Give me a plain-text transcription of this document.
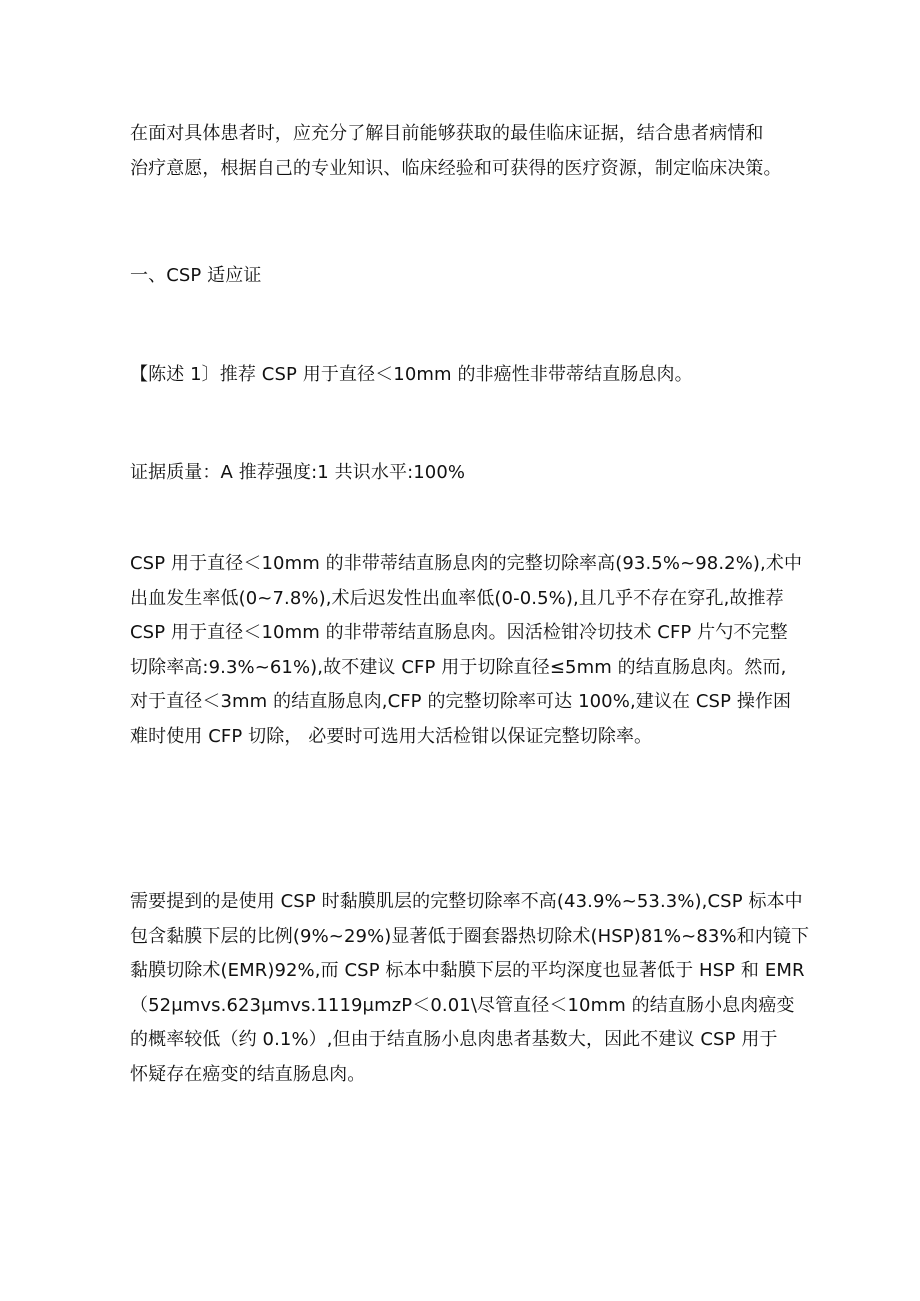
在面对具体患者时，应充分了解目前能够获取的最佳临床证据，结合患者病情和
治疗意愿，根据自己的专业知识、临床经验和可获得的医疗资源，制定临床决策。
一、CSP 适应证
【陈述 1〕推荐 CSP 用于直径＜10mm 的非癌性非带蒂结直肠息肉。
证据质量：A 推荐强度:1 共识水平:100%
CSP 用于直径＜10mm 的非带蒂结直肠息肉的完整切除率高(93.5%~98.2%),术中
出血发生率低(0~7.8%),术后迟发性出血率低(0-0.5%),且几乎不存在穿孔,故推荐
CSP 用于直径＜10mm 的非带蒂结直肠息肉。因活检钳冷切技术 CFP 片勺不完整
切除率高:9.3%~61%),故不建议 CFP 用于切除直径≤5mm 的结直肠息肉。然而,
对于直径＜3mm 的结直肠息肉,CFP 的完整切除率可达 100%,建议在 CSP 操作困
难时使用 CFP 切除， 必要时可选用大活检钳以保证完整切除率。
需要提到的是使用 CSP 时黏膜肌层的完整切除率不高(43.9%~53.3%),CSP 标本中
包含黏膜下层的比例(9%~29%)显著低于圈套器热切除术(HSP)81%~83%和内镜下
黏膜切除术(EMR)92%,而 CSP 标本中黏膜下层的平均深度也显著低于 HSP 和 EMR
（52μmvs.623μmvs.1119μmzP＜0.01\尽管直径＜10mm 的结直肠小息肉癌变
的概率较低（约 0.1%）,但由于结直肠小息肉患者基数大，因此不建议 CSP 用于
怀疑存在癌变的结直肠息肉。
